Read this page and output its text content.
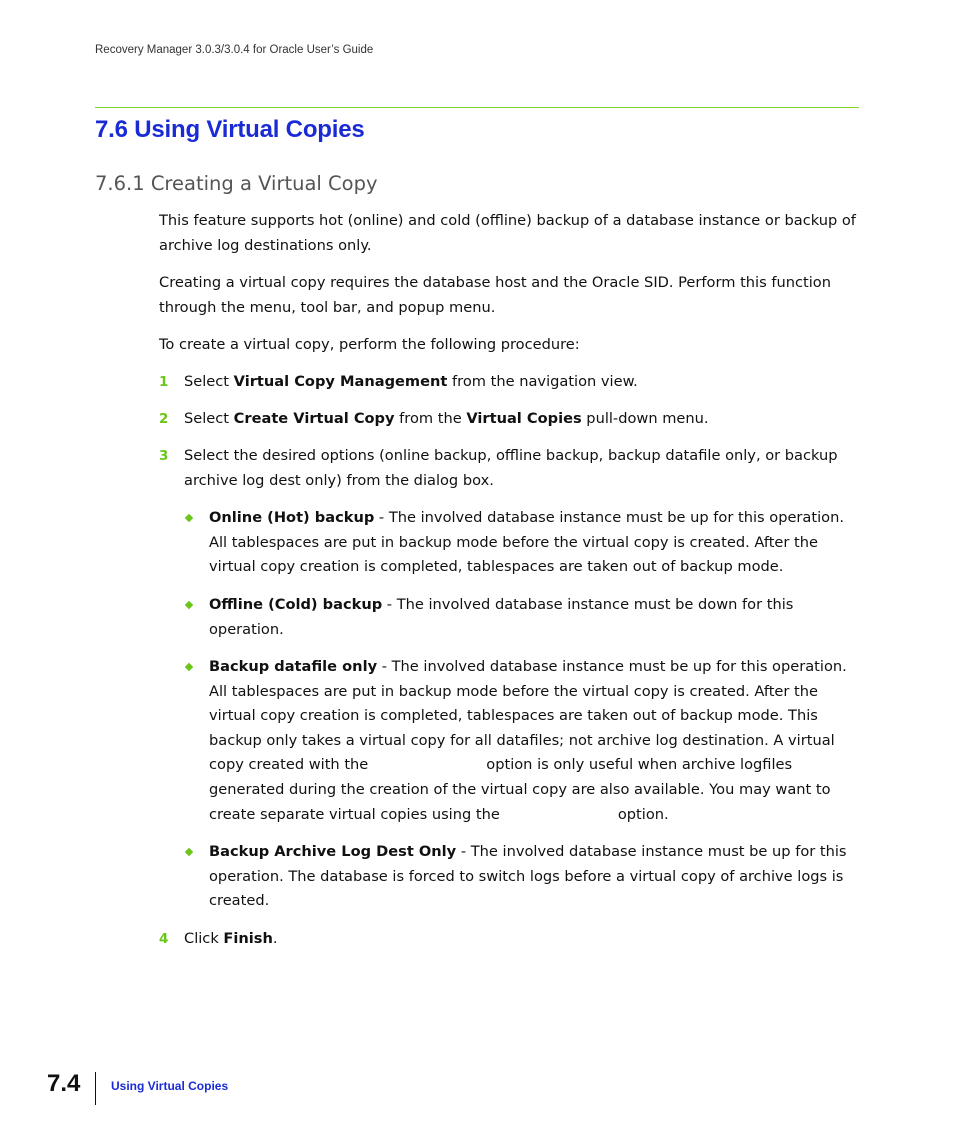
Recovery Manager 3.0.3/3.0.4 for Oracle User’s Guide
7.6 Using Virtual Copies
7.6.1 Creating a Virtual Copy

This feature supports hot (online) and cold (offline) backup of a database instance or backup of archive log destinations only.

Creating a virtual copy requires the database host and the Oracle SID. Perform this function through the menu, tool bar, and popup menu.

To create a virtual copy, perform the following procedure:

1 Select Virtual Copy Management from the navigation view.
2 Select Create Virtual Copy from the Virtual Copies pull-down menu.
3 Select the desired options (online backup, offline backup, backup datafile only, or backup archive log dest only) from the dialog box.
Online (Hot) backup - The involved database instance must be up for this operation. All tablespaces are put in backup mode before the virtual copy is created. After the virtual copy creation is completed, tablespaces are taken out of backup mode.
Offline (Cold) backup - The involved database instance must be down for this operation.
Backup datafile only - The involved database instance must be up for this operation. All tablespaces are put in backup mode before the virtual copy is created. After the virtual copy creation is completed, tablespaces are taken out of backup mode. This backup only takes a virtual copy for all datafiles; not archive log destination. A virtual copy created with the	option is only useful when archive logfiles generated during the creation of the virtual copy are also available. You may want to create separate virtual copies using the	option.
Backup Archive Log Dest Only - The involved database instance must be up for this operation. The database is forced to switch logs before a virtual copy of archive logs is created.
4 Click Finish.
7.4	Using Virtual Copies
